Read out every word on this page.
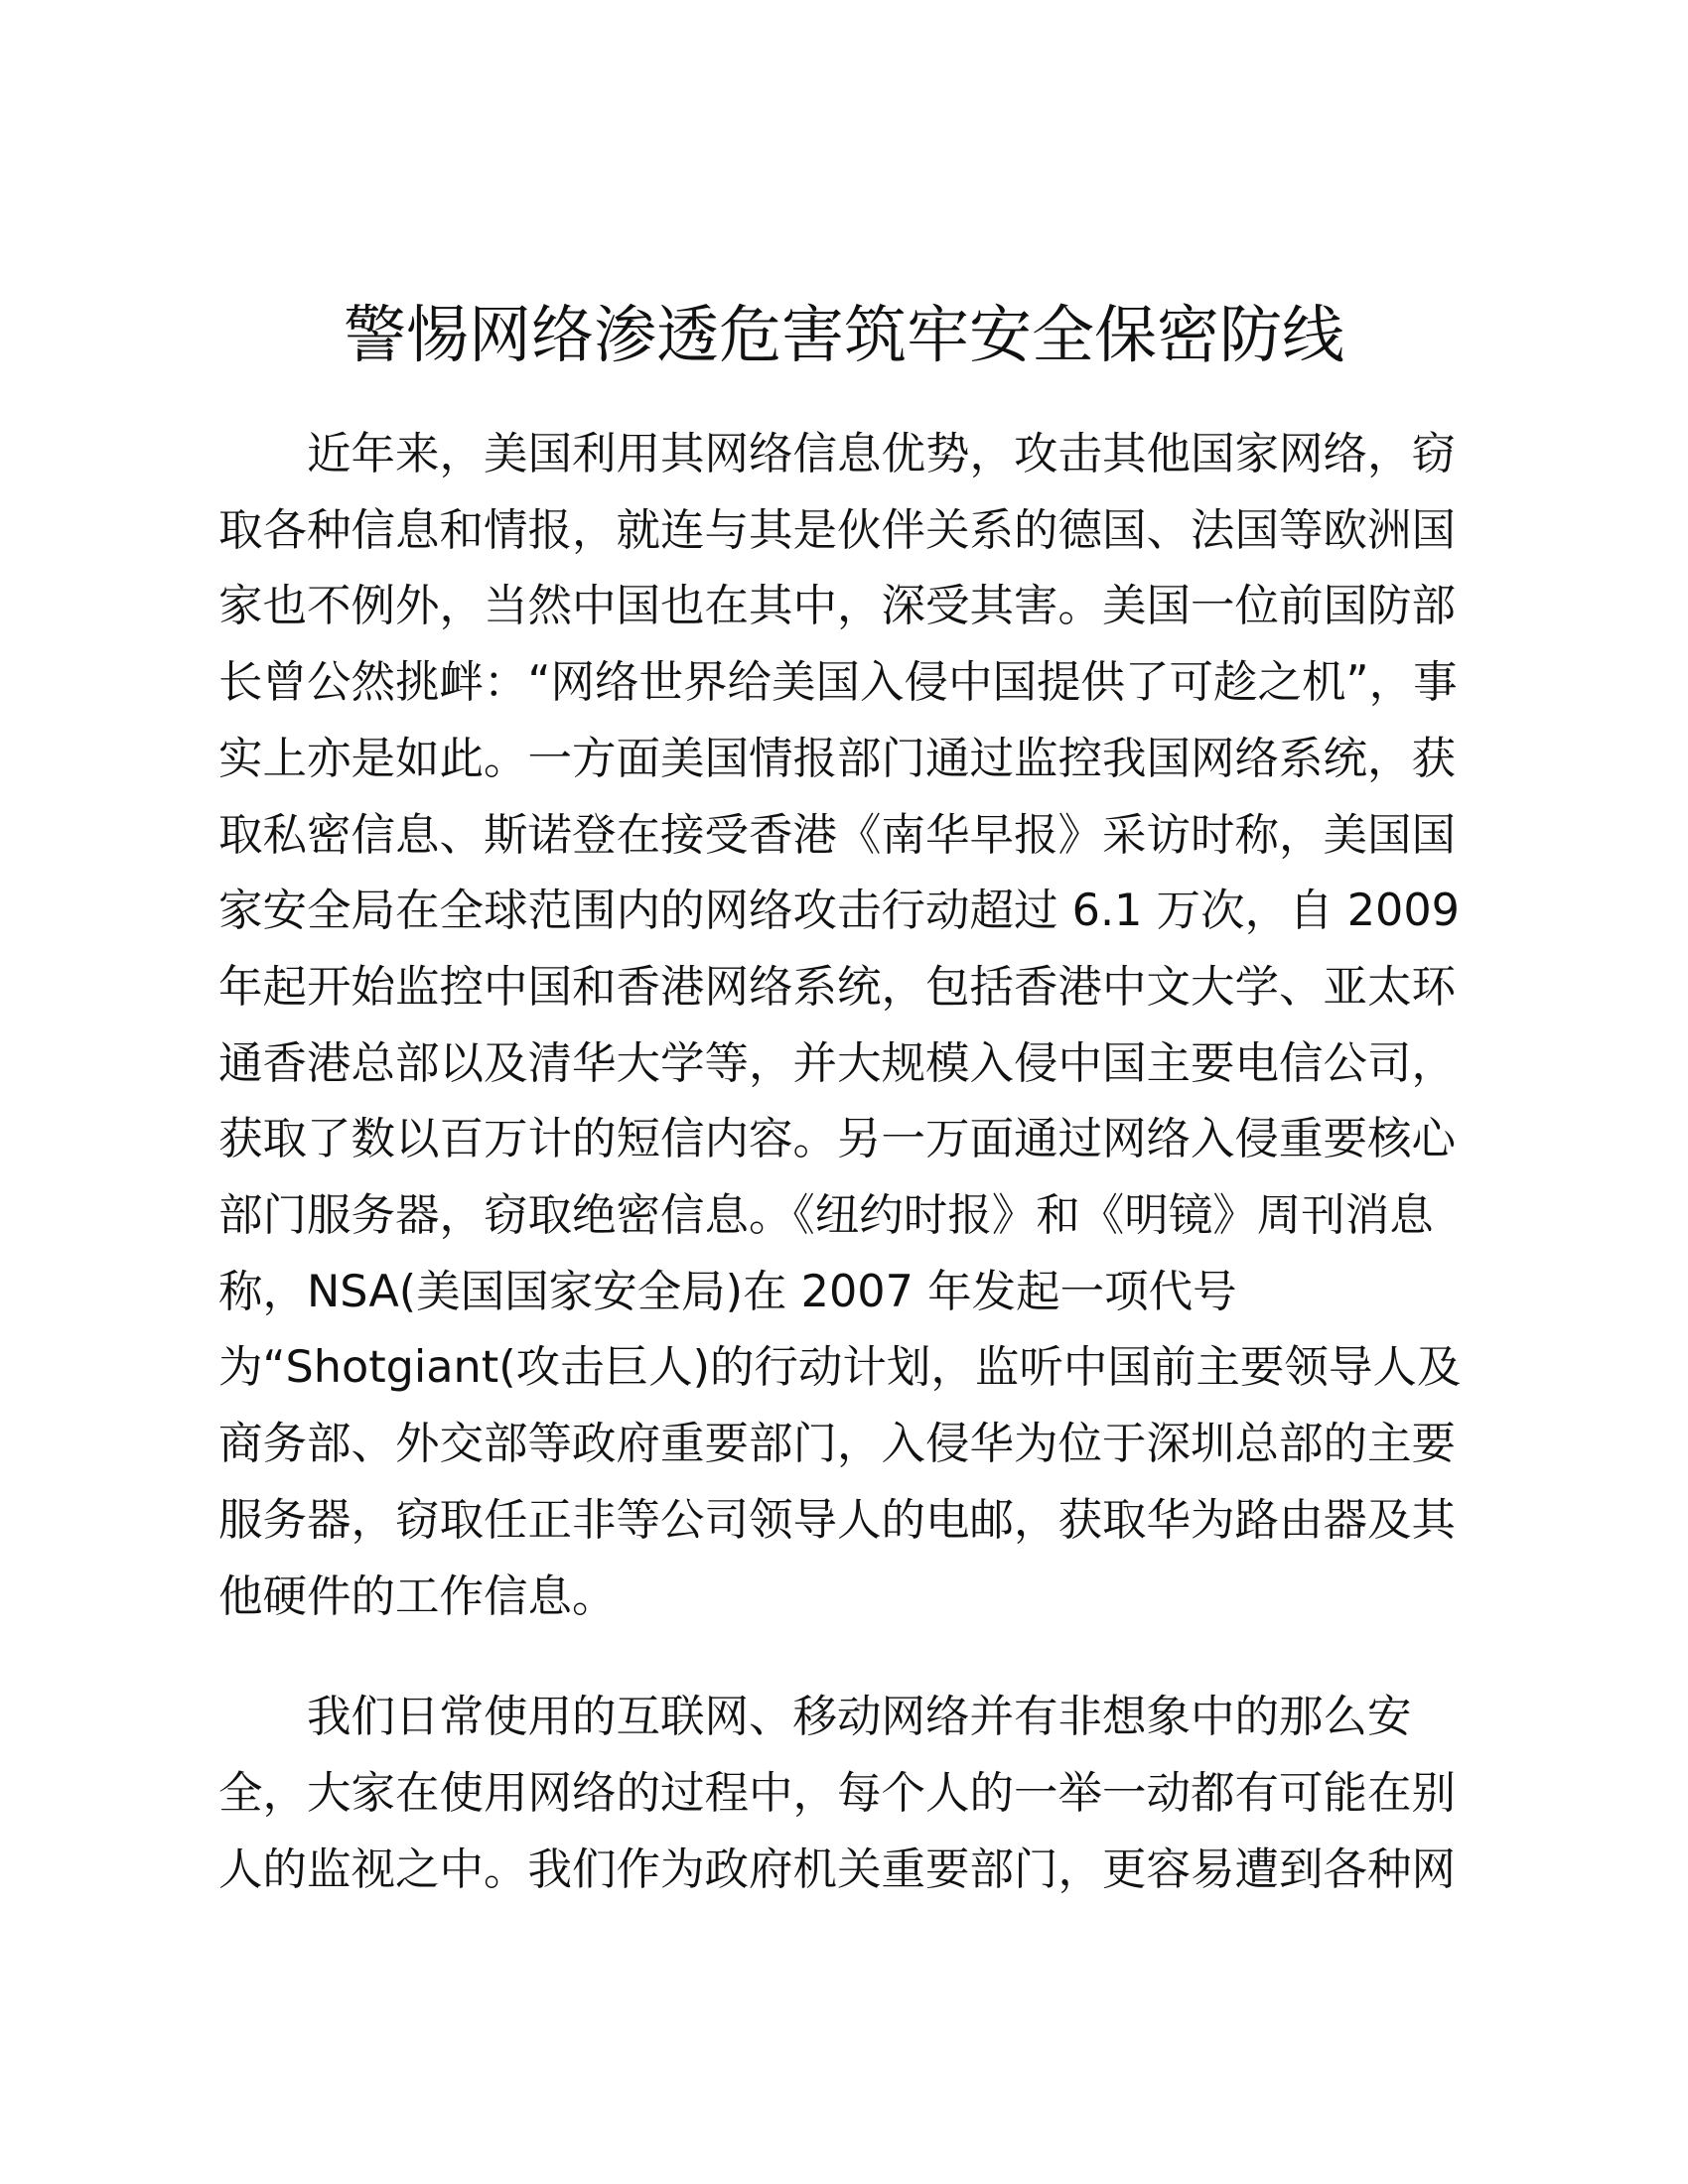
警惕网络渗透危害筑牢安全保密防线

近年来，美国利用其网络信息优势，攻击其他国家网络，窃
取各种信息和情报，就连与其是伙伴关系的德国、法国等欧洲国
家也不例外，当然中国也在其中，深受其害。美国一位前国防部
长曾公然挑衅：“网络世界给美国入侵中国提供了可趁之机”，事
实上亦是如此。一方面美国情报部门通过监控我国网络系统，获
取私密信息、斯诺登在接受香港《南华早报》采访时称，美国国
家安全局在全球范围内的网络攻击行动超过 6.1 万次，自 2009
年起开始监控中国和香港网络系统，包括香港中文大学、亚太环
通香港总部以及清华大学等，并大规模入侵中国主要电信公司，
获取了数以百万计的短信内容。另一万面通过网络入侵重要核心
部门服务器，窃取绝密信息。《纽约时报》和《明镜》周刊消息
称，NSA(美国国家安全局)在 2007 年发起一项代号
为“Shotgiant(攻击巨人)的行动计划，监听中国前主要领导人及
商务部、外交部等政府重要部门，入侵华为位于深圳总部的主要
服务器，窃取任正非等公司领导人的电邮，获取华为路由器及其
他硬件的工作信息。

我们日常使用的互联网、移动网络并有非想象中的那么安
全，大家在使用网络的过程中，每个人的一举一动都有可能在别
人的监视之中。我们作为政府机关重要部门，更容易遭到各种网
